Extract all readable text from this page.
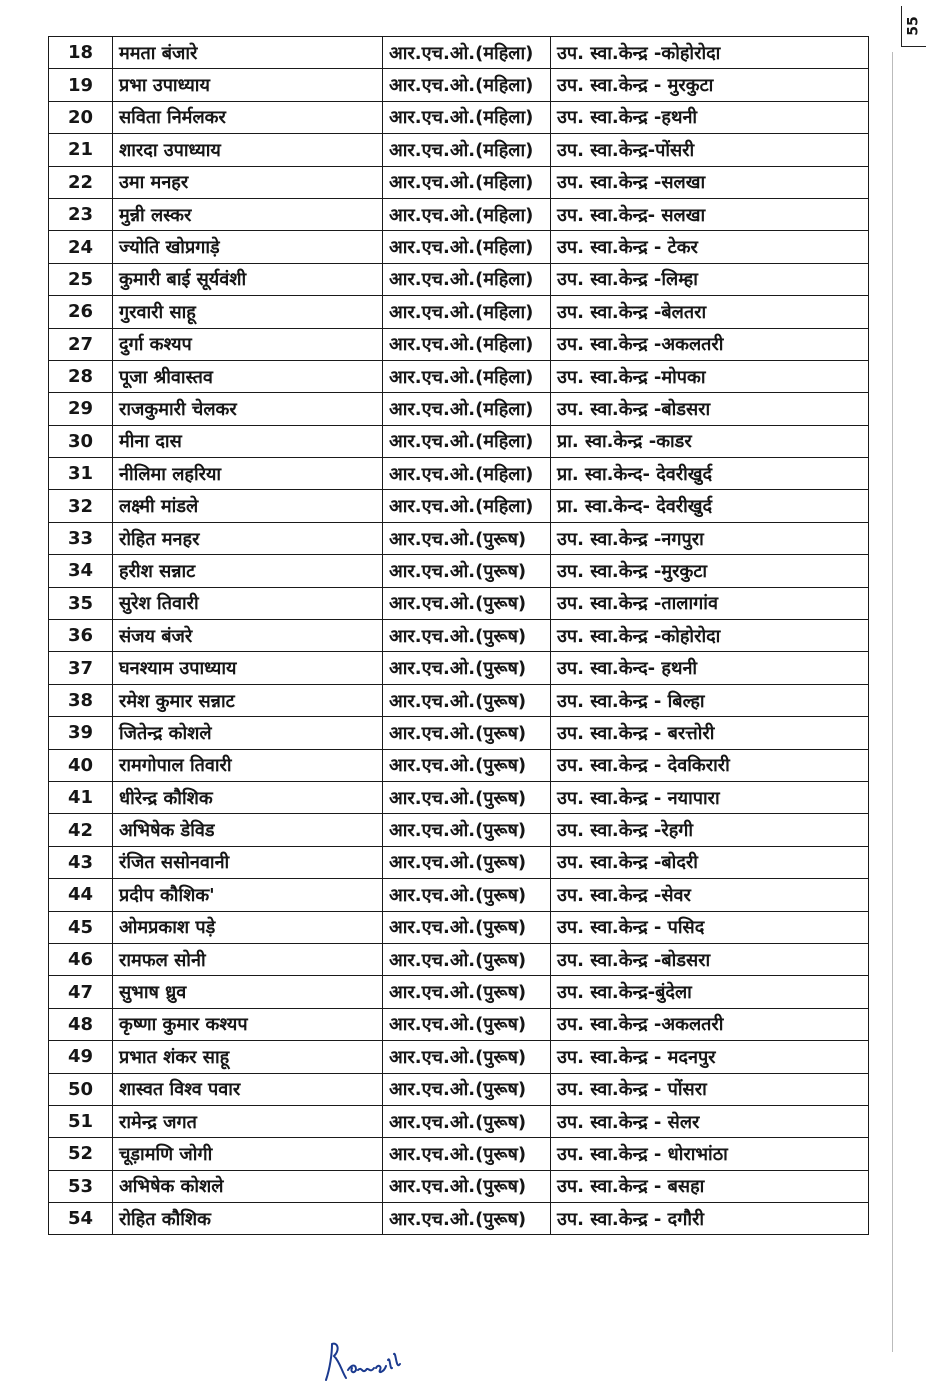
55
18	ममता बंजारे	आर.एच.ओ.(महिला)	उप. स्वा.केन्द्र -कोहोरोदा
19	प्रभा उपाध्याय	आर.एच.ओ.(महिला)	उप. स्वा.केन्द्र - मुरकुटा
20	सविता निर्मलकर	आर.एच.ओ.(महिला)	उप. स्वा.केन्द्र -हथनी
21	शारदा उपाध्याय	आर.एच.ओ.(महिला)	उप. स्वा.केन्द्र-पोंसरी
22	उमा मनहर	आर.एच.ओ.(महिला)	उप. स्वा.केन्द्र -सलखा
23	मुन्नी लस्कर	आर.एच.ओ.(महिला)	उप. स्वा.केन्द्र- सलखा
24	ज्योति खोप्रगाड़े	आर.एच.ओ.(महिला)	उप. स्वा.केन्द्र - टेकर
25	कुमारी बाई सूर्यवंशी	आर.एच.ओ.(महिला)	उप. स्वा.केन्द्र -लिम्हा
26	गुरवारी साहू	आर.एच.ओ.(महिला)	उप. स्वा.केन्द्र -बेलतरा
27	दुर्गा कश्यप	आर.एच.ओ.(महिला)	उप. स्वा.केन्द्र -अकलतरी
28	पूजा श्रीवास्तव	आर.एच.ओ.(महिला)	उप. स्वा.केन्द्र -मोपका
29	राजकुमारी चेलकर	आर.एच.ओ.(महिला)	उप. स्वा.केन्द्र -बोडसरा
30	मीना दास	आर.एच.ओ.(महिला)	प्रा. स्वा.केन्द्र -काडर
31	नीलिमा लहरिया	आर.एच.ओ.(महिला)	प्रा. स्वा.केन्द- देवरीखुर्द
32	लक्ष्मी मांडले	आर.एच.ओ.(महिला)	प्रा. स्वा.केन्द- देवरीखुर्द
33	रोहित मनहर	आर.एच.ओ.(पुरूष)	उप. स्वा.केन्द्र -नगपुरा
34	हरीश सन्नाट	आर.एच.ओ.(पुरूष)	उप. स्वा.केन्द्र -मुरकुटा
35	सुरेश तिवारी	आर.एच.ओ.(पुरूष)	उप. स्वा.केन्द्र -तालागांव
36	संजय बंजरे	आर.एच.ओ.(पुरूष)	उप. स्वा.केन्द्र -कोहोरोदा
37	घनश्याम उपाध्याय	आर.एच.ओ.(पुरूष)	उप. स्वा.केन्द- हथनी
38	रमेश कुमार सन्नाट	आर.एच.ओ.(पुरूष)	उप. स्वा.केन्द्र - बिल्हा
39	जितेन्द्र कोशले	आर.एच.ओ.(पुरूष)	उप. स्वा.केन्द्र - बरत्तोरी
40	रामगोपाल तिवारी	आर.एच.ओ.(पुरूष)	उप. स्वा.केन्द्र - देवकिरारी
41	धीरेन्द्र कौशिक	आर.एच.ओ.(पुरूष)	उप. स्वा.केन्द्र - नयापारा
42	अभिषेक डेविड	आर.एच.ओ.(पुरूष)	उप. स्वा.केन्द्र -रेहगी
43	रंजित ससोनवानी	आर.एच.ओ.(पुरूष)	उप. स्वा.केन्द्र -बोदरी
44	प्रदीप कौशिक'	आर.एच.ओ.(पुरूष)	उप. स्वा.केन्द्र -सेवर
45	ओमप्रकाश पड़े	आर.एच.ओ.(पुरूष)	उप. स्वा.केन्द्र - पसिद
46	रामफल सोनी	आर.एच.ओ.(पुरूष)	उप. स्वा.केन्द्र -बोडसरा
47	सुभाष ध्रुव	आर.एच.ओ.(पुरूष)	उप. स्वा.केन्द्र-बुंदेला
48	कृष्णा कुमार कश्यप	आर.एच.ओ.(पुरूष)	उप. स्वा.केन्द्र -अकलतरी
49	प्रभात शंकर साहू	आर.एच.ओ.(पुरूष)	उप. स्वा.केन्द्र - मदनपुर
50	शास्वत विश्व पवार	आर.एच.ओ.(पुरूष)	उप. स्वा.केन्द्र - पोंसरा
51	रामेन्द्र जगत	आर.एच.ओ.(पुरूष)	उप. स्वा.केन्द्र - सेलर
52	चूड़ामणि जोगी	आर.एच.ओ.(पुरूष)	उप. स्वा.केन्द्र - धोराभांठा
53	अभिषेक कोशले	आर.एच.ओ.(पुरूष)	उप. स्वा.केन्द्र - बसहा
54	रोहित कौशिक	आर.एच.ओ.(पुरूष)	उप. स्वा.केन्द्र - दगौरी
